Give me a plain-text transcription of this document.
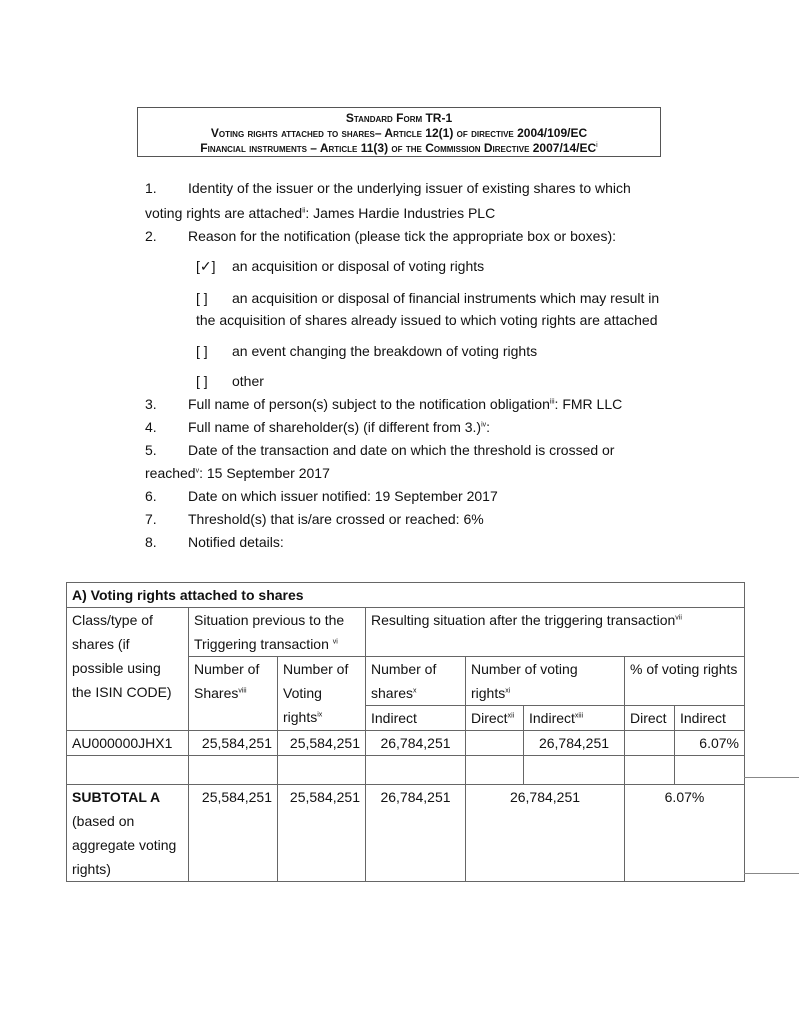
Standard Form TR-1
Voting rights attached to shares– Article 12(1) of directive 2004/109/EC
Financial instruments – Article 11(3) of the Commission Directive $2007/14/EC^i$
1. Identity of the issuer or the underlying issuer of existing shares to which
voting rights are attached$^{ii}$: James Hardie Industries PLC
2. Reason for the notification (please tick the appropriate box or boxes):
[✓] an acquisition or disposal of voting rights
[ ] an acquisition or disposal of financial instruments which may result in
the acquisition of shares already issued to which voting rights are attached
[ ] an event changing the breakdown of voting rights
[ ] other
3. Full name of person(s) subject to the notification obligation$^{iii}$: FMR LLC
4. Full name of shareholder(s) (if different from 3.)$^{iv}$:
5. Date of the transaction and date on which the threshold is crossed or
reached$^v$: 15 September 2017
6. Date on which issuer notified: 19 September 2017
7. Threshold(s) that is/are crossed or reached: 6%
8. Notified details:
A) Voting rights attached to shares							
Class/type of shares (if possible using the ISIN CODE)	Situation previous to the Triggering transaction $^{vi}$		Resulting situation after the triggering transaction$^{vii}$
	Number of Shares$^{viii}$	Number of Voting rights$^{ix}$	Number of shares$^x$	Number of voting rights$^{xi}$		% of voting rights	
			Indirect	Direct$^{xii}$	Indirect$^{xiii}$	Direct	Indirect
AU000000JHX1	25,584,251	25,584,251	26,784,251		26,784,251		6.07%

SUBTOTAL A
(based on aggregate voting rights)	25,584,251	25,584,251	26,784,251	26,784,251		6.07%	
